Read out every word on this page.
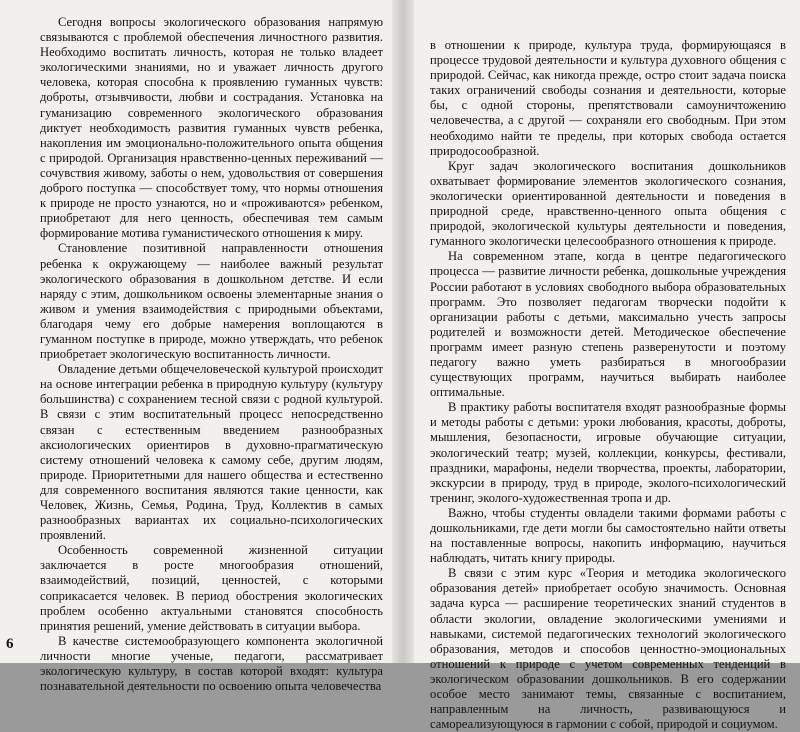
Сегодня вопросы экологического образования напрямую связываются с проблемой обеспечения личностного развития. Необходимо воспитать личность, которая не только владеет экологическими знаниями, но и уважает личность другого человека, которая способна к проявлению гуманных чувств: доброты, отзывчивости, любви и сострадания. Установка на гуманизацию современного экологического образования диктует необходимость развития гуманных чувств ребенка, накопления им эмоционально-положительного опыта общения с природой. Организация нравственно-ценных переживаний — сочувствия живому, заботы о нем, удовольствия от совершения доброго поступка — способствует тому, что нормы отношения к природе не просто узнаются, но и «проживаются» ребенком, приобретают для него ценность, обеспечивая тем самым формирование мотива гуманистического отношения к миру.

Становление позитивной направленности отношения ребенка к окружающему — наиболее важный результат экологического образования в дошкольном детстве. И если наряду с этим, дошкольником освоены элементарные знания о живом и умения взаимодействия с природными объектами, благодаря чему его добрые намерения воплощаются в гуманном поступке в природе, можно утверждать, что ребенок приобретает экологическую воспитанность личности.

Овладение детьми общечеловеческой культурой происходит на основе интеграции ребенка в природную культуру (культуру большинства) с сохранением тесной связи с родной культурой. В связи с этим воспитательный процесс непосредственно связан с естественным введением разнообразных аксиологических ориентиров в духовно-прагматическую систему отношений человека к самому себе, другим людям, природе. Приоритетными для нашего общества и естественно для современного воспитания являются такие ценности, как Человек, Жизнь, Семья, Родина, Труд, Коллектив в самых разнообразных вариантах их социально-психологических проявлений.

Особенность современной жизненной ситуации заключается в росте многообразия отношений, взаимодействий, позиций, ценностей, с которыми соприкасается человек. В период обострения экологических проблем особенно актуальными становятся способность принятия решений, умение действовать в ситуации выбора.

В качестве системообразующего компонента экологичной личности многие ученые, педагоги, рассматривает экологическую культуру, в состав которой входят: культура познавательной деятельности по освоению опыта человечества

6

в отношении к природе, культура труда, формирующаяся в процессе трудовой деятельности и культура духовного общения с природой. Сейчас, как никогда прежде, остро стоит задача поиска таких ограничений свободы сознания и деятельности, которые бы, с одной стороны, препятствовали самоуничтожению человечества, а с другой — сохраняли его свободным. При этом необходимо найти те пределы, при которых свобода остается природосообразной.

Круг задач экологического воспитания дошкольников охватывает формирование элементов экологического сознания, экологически ориентированной деятельности и поведения в природной среде, нравственно-ценного опыта общения с природой, экологической культуры деятельности и поведения, гуманного экологически целесообразного отношения к природе.

На современном этапе, когда в центре педагогического процесса — развитие личности ребенка, дошкольные учреждения России работают в условиях свободного выбора образовательных программ. Это позволяет педагогам творчески подойти к организации работы с детьми, максимально учесть запросы родителей и возможности детей. Методическое обеспечение программ имеет разную степень разверенутости и поэтому педагогу важно уметь разбираться в многообразии существующих программ, научиться выбирать наиболее оптимальные.

В практику работы воспитателя входят разнообразные формы и методы работы с детьми: уроки любования, красоты, доброты, мышления, безопасности, игровые обучающие ситуации, экологический театр; музей, коллекции, конкурсы, фестивали, праздники, марафоны, недели творчества, проекты, лаборатории, экскурсии в природу, труд в природе, эколого-психологический тренинг, эколого-художественная тропа и др.

Важно, чтобы студенты овладели такими формами работы с дошкольниками, где дети могли бы самостоятельно найти ответы на поставленные вопросы, накопить информацию, научиться наблюдать, читать книгу природы.

В связи с этим курс «Теория и методика экологического образования детей» приобретает особую значимость. Основная задача курса — расширение теоретических знаний студентов в области экологии, овладение экологическими умениями и навыками, системой педагогических технологий экологического образования, методов и способов ценностно-эмоциональных отношений к природе с учетом современных тенденций в экологическом образовании дошкольников. В его содержании особое место занимают темы, связанные с воспитанием, направленным на личность, развивающуюся и самореализующуюся в гармонии с собой, природой и социумом.
